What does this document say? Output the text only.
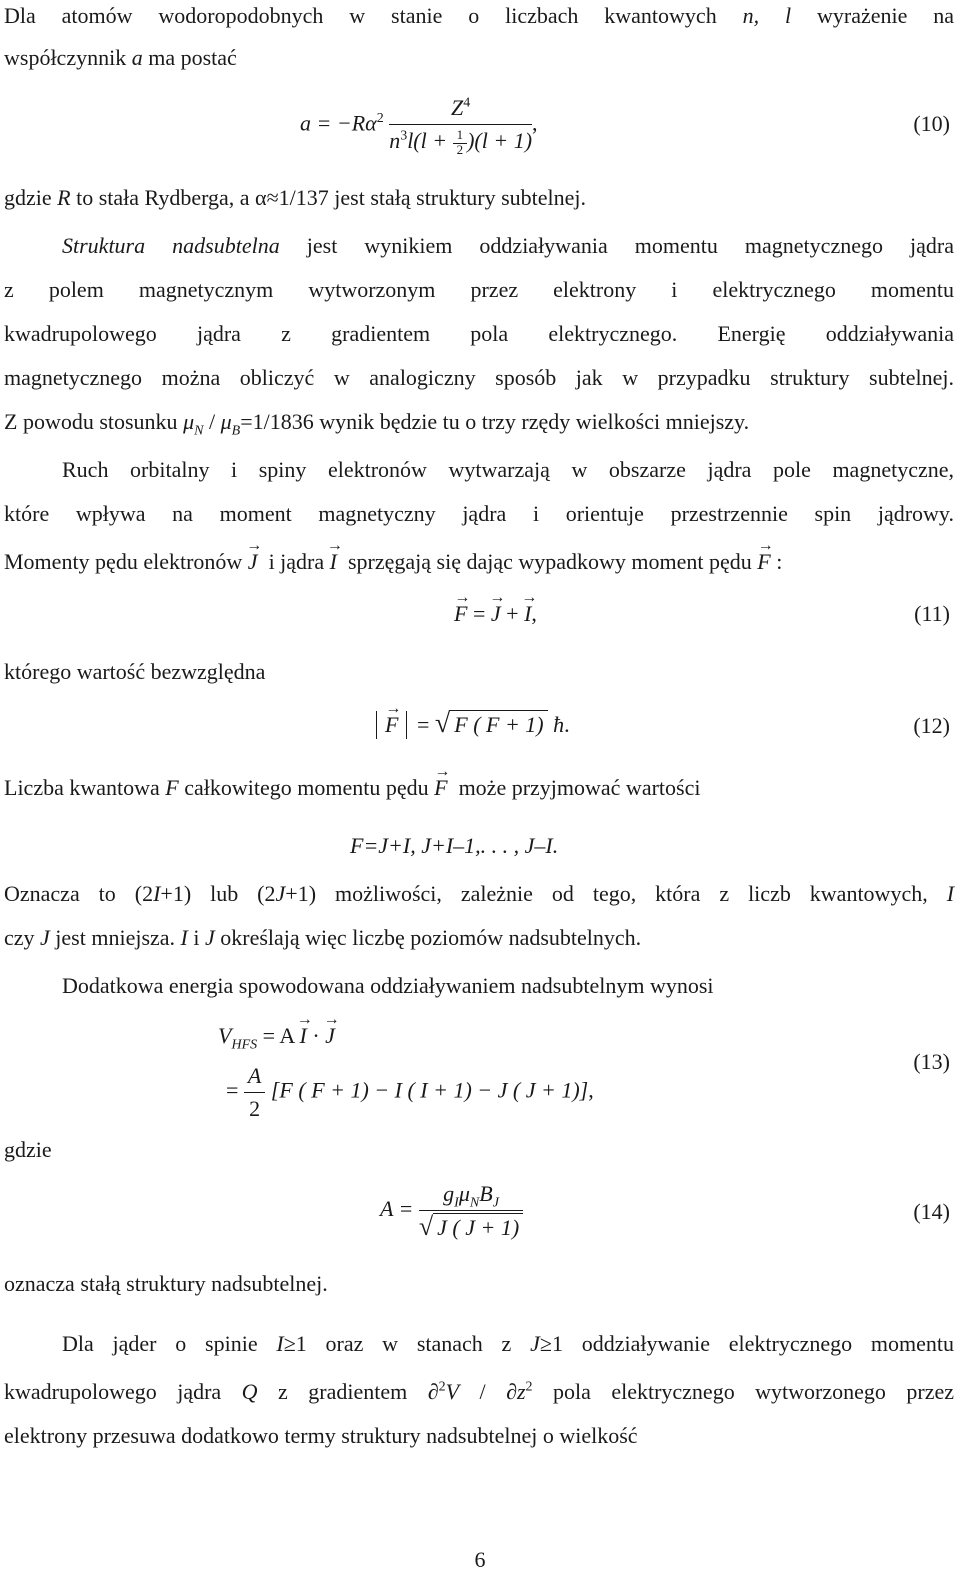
Dla atomów wodoropodobnych w stanie o liczbach kwantowych n, l wyrażenie na
współczynnik a ma postać
$a = -R\alpha^2 \frac{Z^4}{n^3l(l + \frac{1}{2} )(l + 1)}$ ,	(10)
gdzie R to stała Rydberga, a α≈1/137 jest stałą struktury subtelnej.
Struktura nadsubtelna jest wynikiem oddziaływania momentu magnetycznego jądra
z polem magnetycznym wytworzonym przez elektrony i elektrycznego momentu
kwadrupolowego jądra z gradientem pola elektrycznego. Energię oddziaływania
magnetycznego można obliczyć w analogiczny sposób jak w przypadku struktury subtelnej.
Z powodu stosunku $\mu_N / \mu_B=1/1836$ wynik będzie tu o trzy rzędy wielkości mniejszy.
Ruch orbitalny i spiny elektronów wytwarzają w obszarze jądra pole magnetyczne,
które wpływa na moment magnetyczny jądra i orientuje przestrzennie spin jądrowy.
Momenty pędu elektronów → J i jądra → I sprzęgają się dając wypadkowy moment pędu → F :
→ F = → J + → I,	(11)
którego wartość bezwzględna
→ F = √ F ( F + 1) ħ.	(12)
Liczba kwantowa F całkowitego momentu pędu → F może przyjmować wartości
F=J+I, J+I–1,. . . , J–I.
Oznacza to (2I+1) lub (2J+1) możliwości, zależnie od tego, która z liczb kwantowych, I
czy J jest mniejsza. I i J określają więc liczbę poziomów nadsubtelnych.
Dodatkowa energia spowodowana oddziaływaniem nadsubtelnym wynosi
$V_{HFS} = A \to I$ · → J
= $\frac{A}{2} [F$ ( F + 1) − I ( I + 1) − J ( J + 1)],
(13)
gdzie
$A = \frac{g_I\mu_NB_J}{√ J ( J + 1)}$	(14)
oznacza stałą struktury nadsubtelnej.
Dla jąder o spinie I≥1 oraz w stanach z J≥1 oddziaływanie elektrycznego momentu
kwadrupolowego jądra Q z gradientem $\partial^2V / \partial z^2$ pola elektrycznego wytworzonego przez
elektrony przesuwa dodatkowo termy struktury nadsubtelnej o wielkość
6
